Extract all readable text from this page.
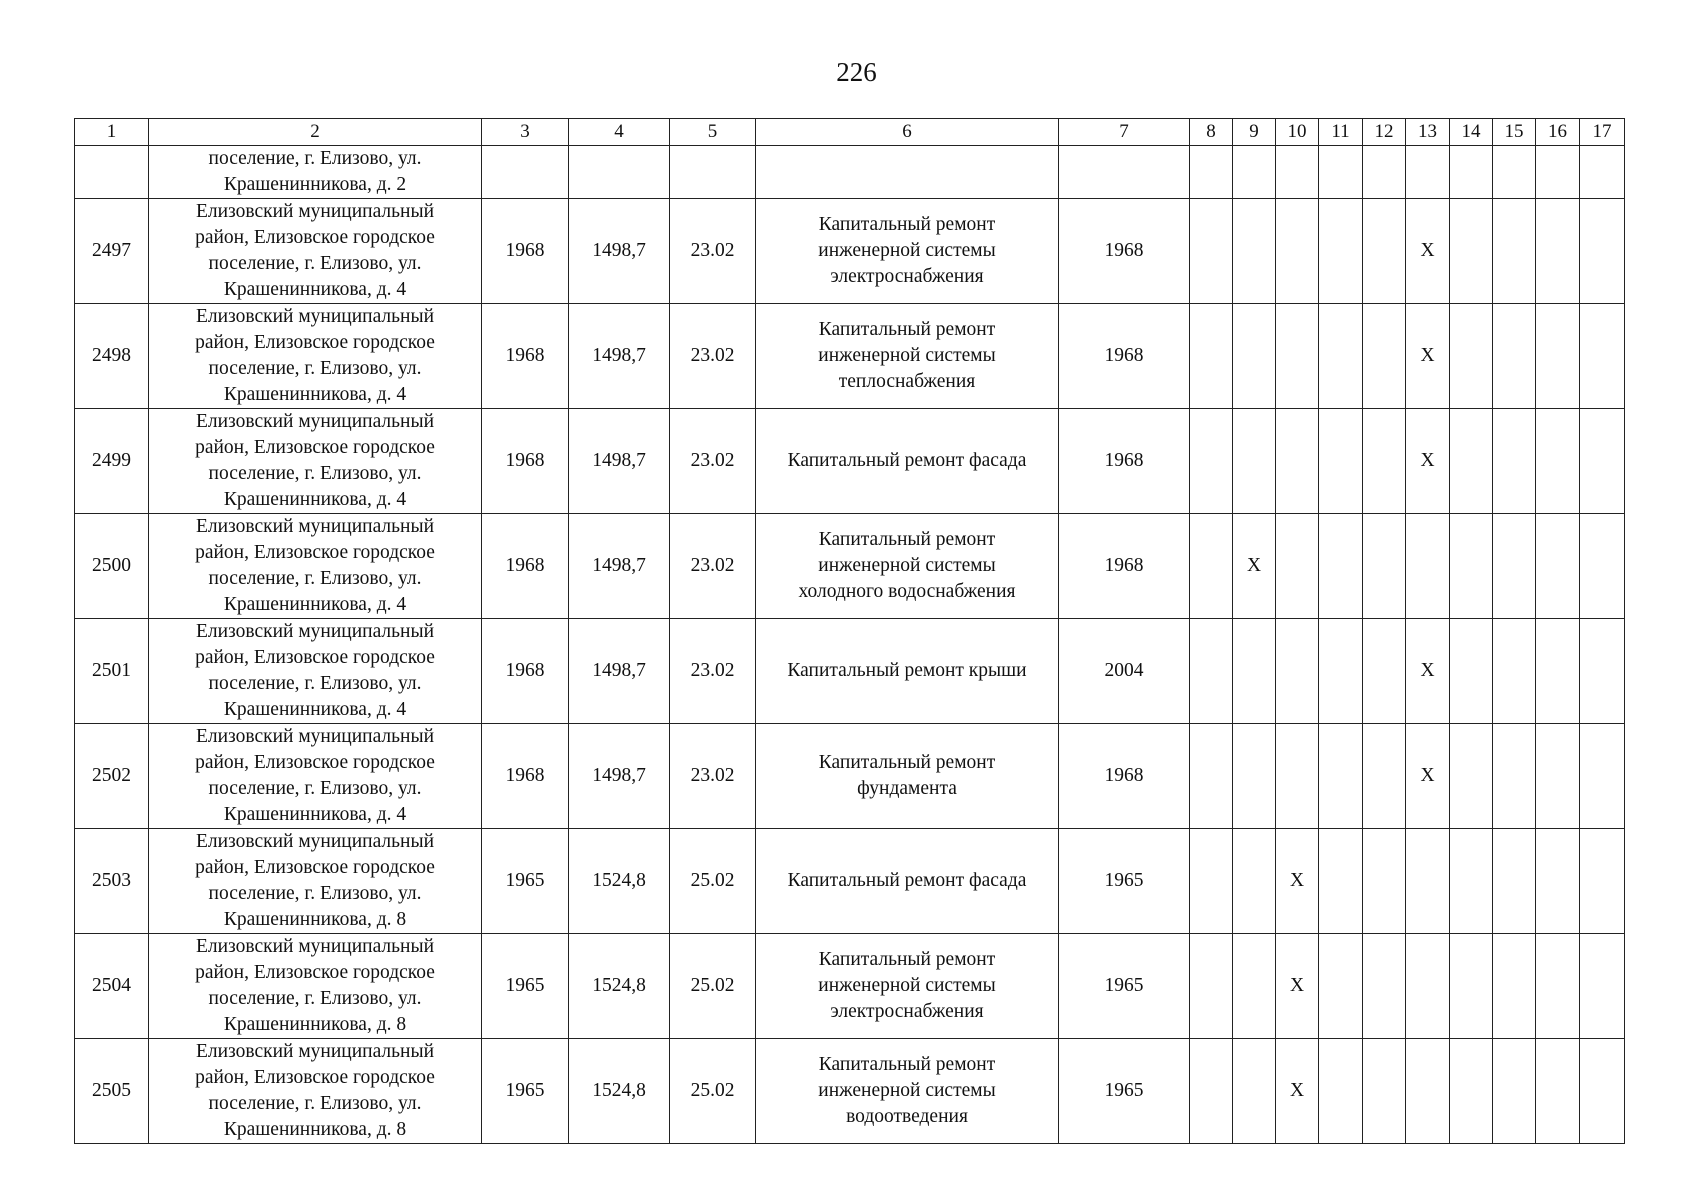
226
1	2	3	4	5	6	7	8	9	10	11	12	13	14	15	16	17	

	поселение, г. Елизово, ул.
Крашенинникова, д. 2																

2497	Елизовский муниципальный
район, Елизовское городское
поселение, г. Елизово, ул.
Крашенинникова, д. 4	1968	1498,7	23.02	Капитальный ремонт
инженерной системы
электроснабжения	1968						X					
2498	Елизовский муниципальный
район, Елизовское городское
поселение, г. Елизово, ул.
Крашенинникова, д. 4	1968	1498,7	23.02	Капитальный ремонт
инженерной системы
теплоснабжения	1968						X					
2499	Елизовский муниципальный
район, Елизовское городское
поселение, г. Елизово, ул.
Крашенинникова, д. 4	1968	1498,7	23.02	Капитальный ремонт фасада	1968						X					
2500	Елизовский муниципальный
район, Елизовское городское
поселение, г. Елизово, ул.
Крашенинникова, д. 4	1968	1498,7	23.02	Капитальный ремонт
инженерной системы
холодного водоснабжения	1968		X									
2501	Елизовский муниципальный
район, Елизовское городское
поселение, г. Елизово, ул.
Крашенинникова, д. 4	1968	1498,7	23.02	Капитальный ремонт крыши	2004						X					
2502	Елизовский муниципальный
район, Елизовское городское
поселение, г. Елизово, ул.
Крашенинникова, д. 4	1968	1498,7	23.02	Капитальный ремонт
фундамента	1968						X					
2503	Елизовский муниципальный
район, Елизовское городское
поселение, г. Елизово, ул.
Крашенинникова, д. 8	1965	1524,8	25.02	Капитальный ремонт фасада	1965			X								
2504	Елизовский муниципальный
район, Елизовское городское
поселение, г. Елизово, ул.
Крашенинникова, д. 8	1965	1524,8	25.02	Капитальный ремонт
инженерной системы
электроснабжения	1965			X								
2505	Елизовский муниципальный
район, Елизовское городское
поселение, г. Елизово, ул.
Крашенинникова, д. 8	1965	1524,8	25.02	Капитальный ремонт
инженерной системы
водоотведения	1965			X								
